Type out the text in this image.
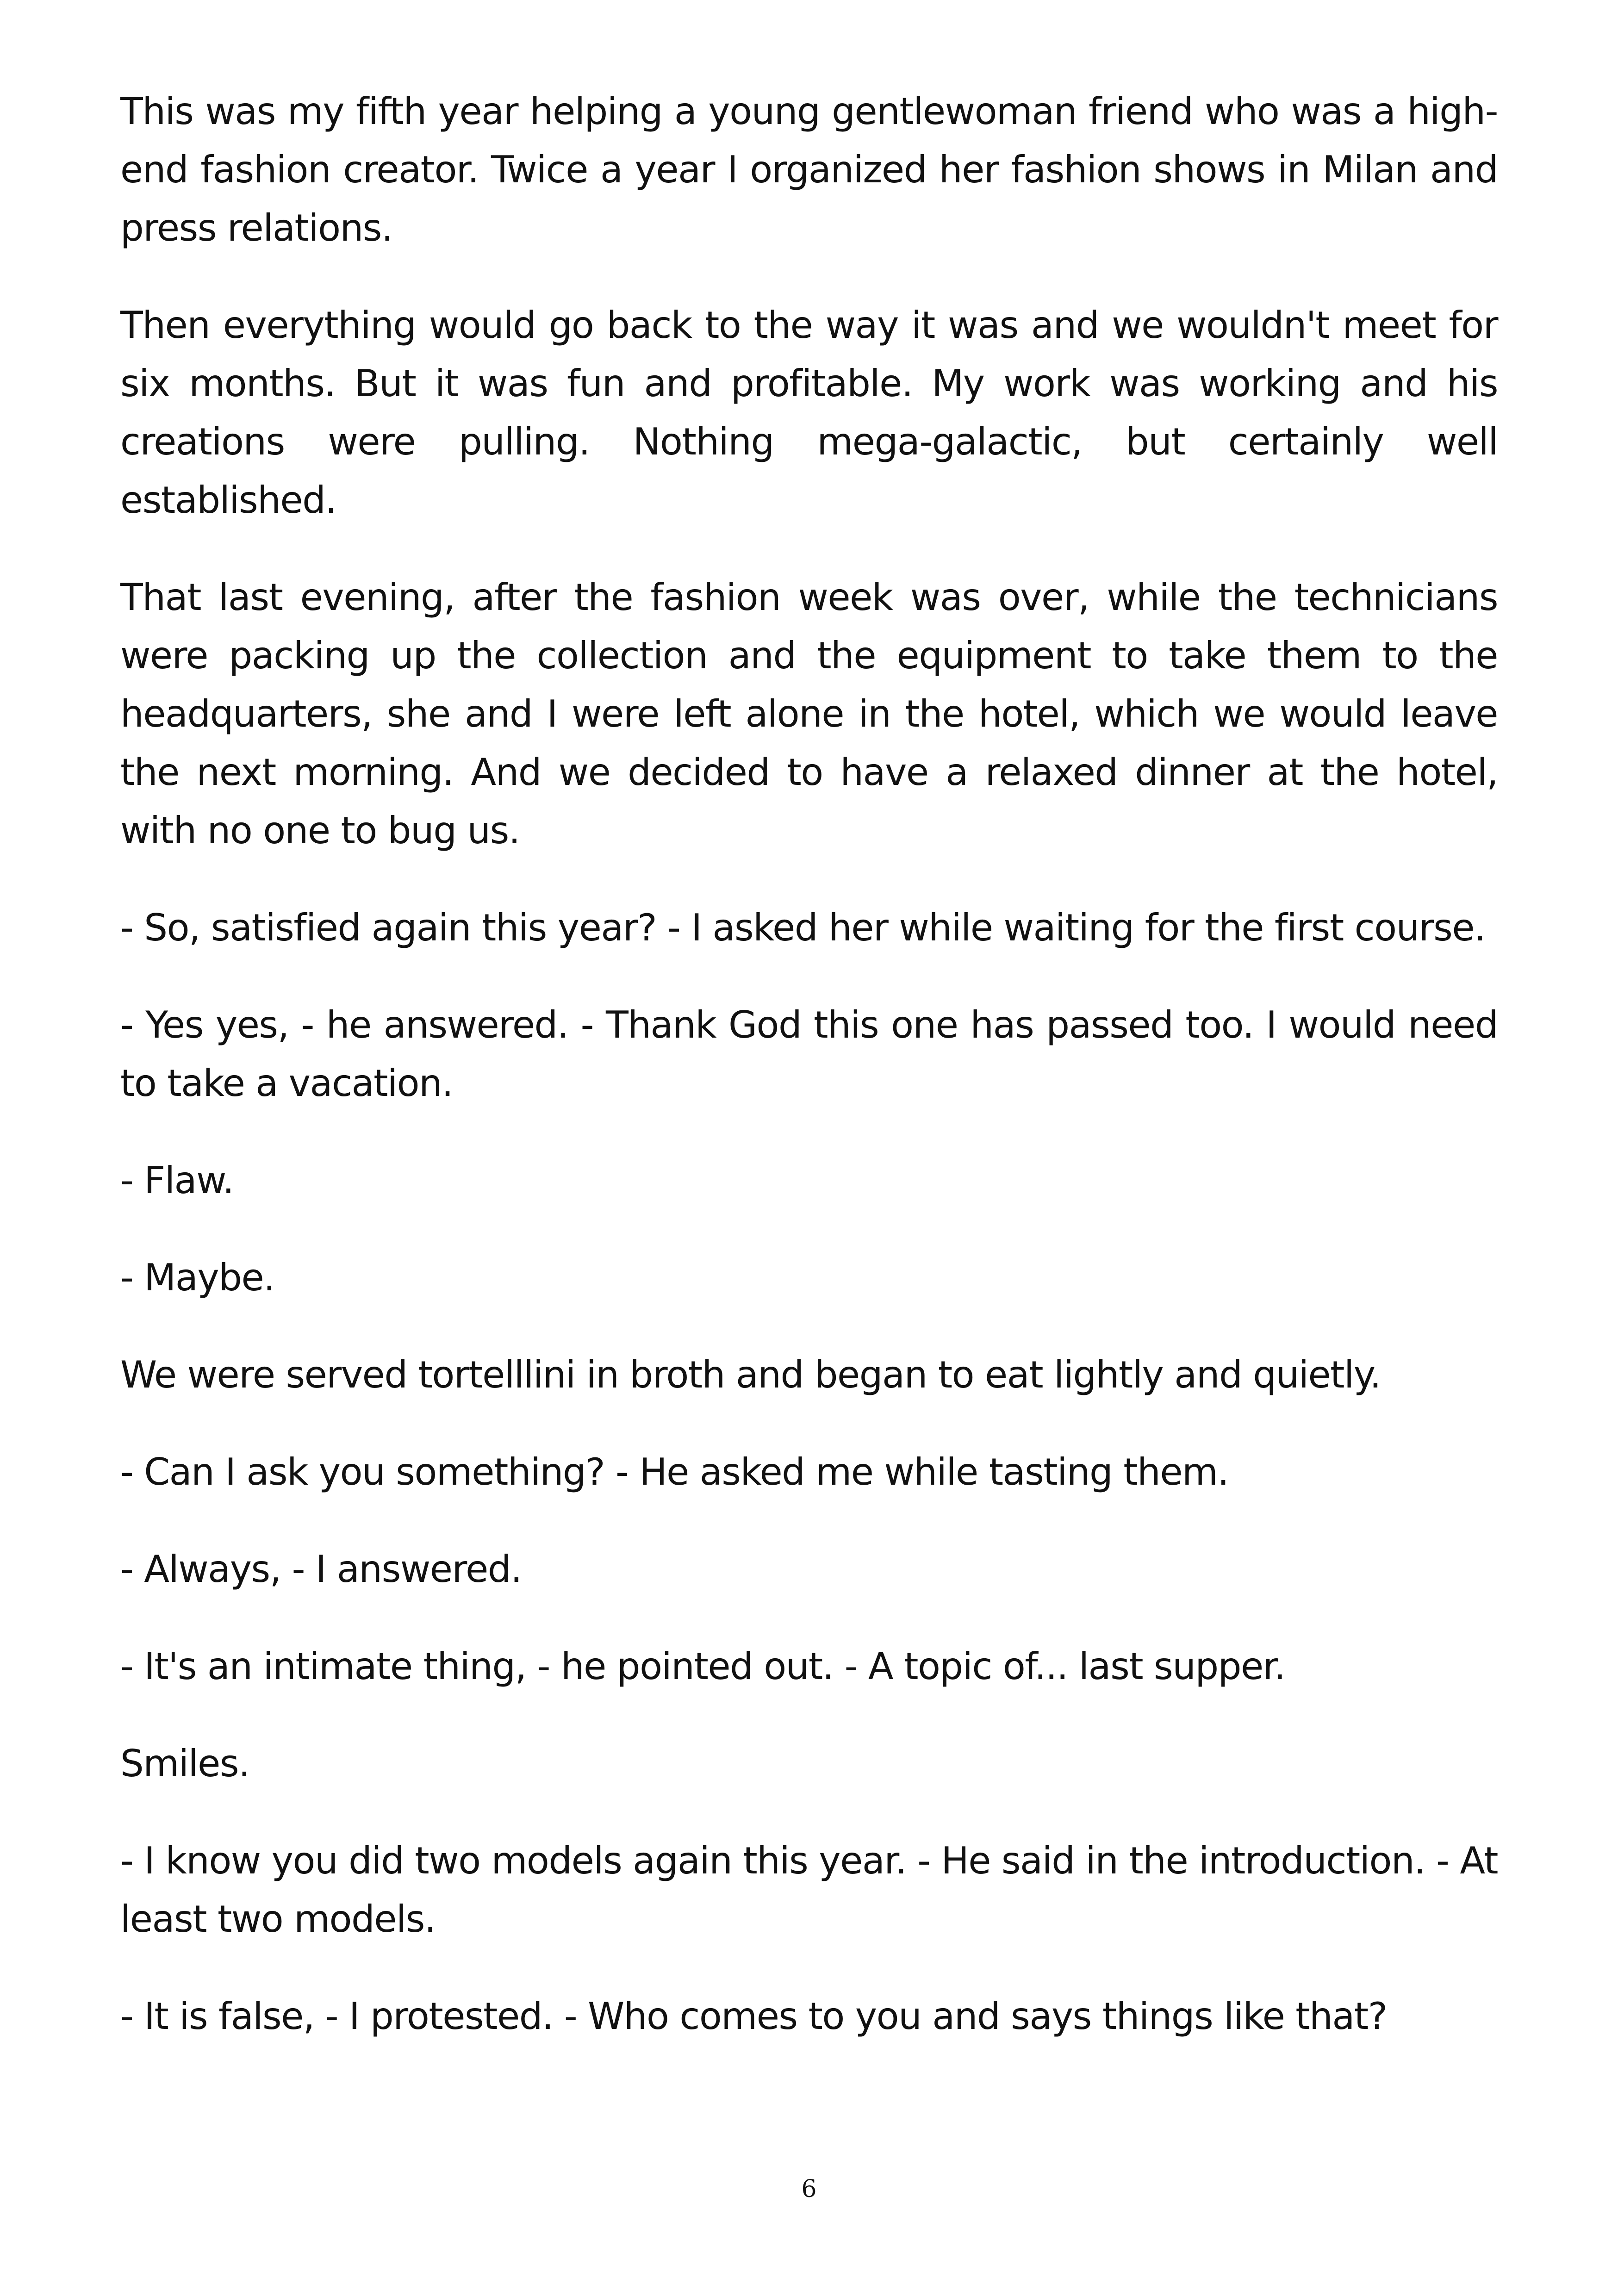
This was my fifth year helping a young gentlewoman friend who was a high-end fashion creator. Twice a year I organized her fashion shows in Milan and press relations.

Then everything would go back to the way it was and we wouldn't meet for six months. But it was fun and profitable. My work was working and his creations were pulling. Nothing mega-galactic, but certainly well established.

That last evening, after the fashion week was over, while the technicians were packing up the collection and the equipment to take them to the headquarters, she and I were left alone in the hotel, which we would leave the next morning. And we decided to have a relaxed dinner at the hotel, with no one to bug us.

- So, satisfied again this year? - I asked her while waiting for the first course.

- Yes yes, - he answered. - Thank God this one has passed too. I would need to take a vacation.

- Flaw.

- Maybe.

We were served tortelllini in broth and began to eat lightly and quietly.

- Can I ask you something? - He asked me while tasting them.

- Always, - I answered.

- It's an intimate thing, - he pointed out. - A topic of... last supper.

Smiles.

- I know you did two models again this year. - He said in the introduction. - At least two models.

- It is false, - I protested. - Who comes to you and says things like that?

6
